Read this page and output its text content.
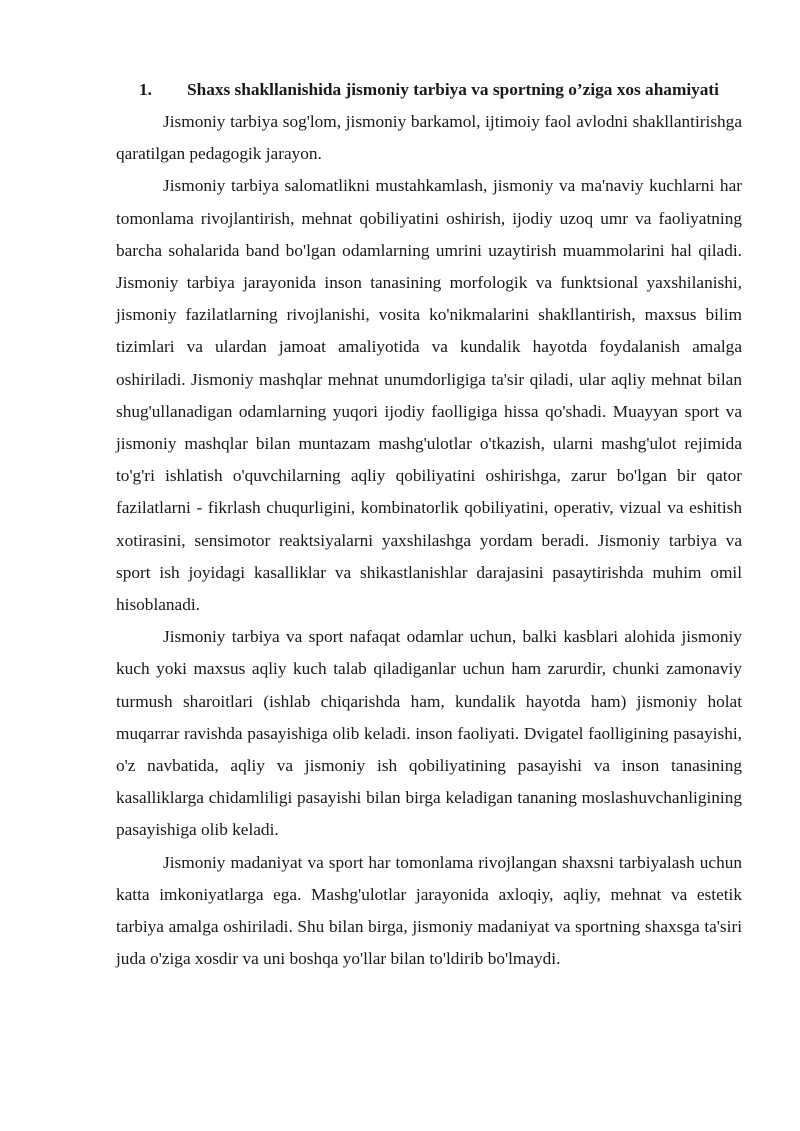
1. Shaxs shakllanishida jismoniy tarbiya va sportning o’ziga xos ahamiyati

Jismoniy tarbiya sog'lom, jismoniy barkamol, ijtimoiy faol avlodni shakllantirishga qaratilgan pedagogik jarayon.

Jismoniy tarbiya salomatlikni mustahkamlash, jismoniy va ma'naviy kuchlarni har tomonlama rivojlantirish, mehnat qobiliyatini oshirish, ijodiy uzoq umr va faoliyatning barcha sohalarida band bo'lgan odamlarning umrini uzaytirish muammolarini hal qiladi. Jismoniy tarbiya jarayonida inson tanasining morfologik va funktsional yaxshilanishi, jismoniy fazilatlarning rivojlanishi, vosita ko'nikmalarini shakllantirish, maxsus bilim tizimlari va ulardan jamoat amaliyotida va kundalik hayotda foydalanish amalga oshiriladi. Jismoniy mashqlar mehnat unumdorligiga ta'sir qiladi, ular aqliy mehnat bilan shug'ullanadigan odamlarning yuqori ijodiy faolligiga hissa qo'shadi. Muayyan sport va jismoniy mashqlar bilan muntazam mashg'ulotlar o'tkazish, ularni mashg'ulot rejimida to'g'ri ishlatish o'quvchilarning aqliy qobiliyatini oshirishga, zarur bo'lgan bir qator fazilatlarni - fikrlash chuqurligini, kombinatorlik qobiliyatini, operativ, vizual va eshitish xotirasini, sensimotor reaktsiyalarni yaxshilashga yordam beradi. Jismoniy tarbiya va sport ish joyidagi kasalliklar va shikastlanishlar darajasini pasaytirishda muhim omil hisoblanadi.

Jismoniy tarbiya va sport nafaqat odamlar uchun, balki kasblari alohida jismoniy kuch yoki maxsus aqliy kuch talab qiladiganlar uchun ham zarurdir, chunki zamonaviy turmush sharoitlari (ishlab chiqarishda ham, kundalik hayotda ham) jismoniy holat muqarrar ravishda pasayishiga olib keladi. inson faoliyati. Dvigatel faolligining pasayishi, o'z navbatida, aqliy va jismoniy ish qobiliyatining pasayishi va inson tanasining kasalliklarga chidamliligi pasayishi bilan birga keladigan tananing moslashuvchanligining pasayishiga olib keladi.

Jismoniy madaniyat va sport har tomonlama rivojlangan shaxsni tarbiyalash uchun katta imkoniyatlarga ega. Mashg'ulotlar jarayonida axloqiy, aqliy, mehnat va estetik tarbiya amalga oshiriladi. Shu bilan birga, jismoniy madaniyat va sportning shaxsga ta'siri juda o'ziga xosdir va uni boshqa yo'llar bilan to'ldirib bo'lmaydi.
